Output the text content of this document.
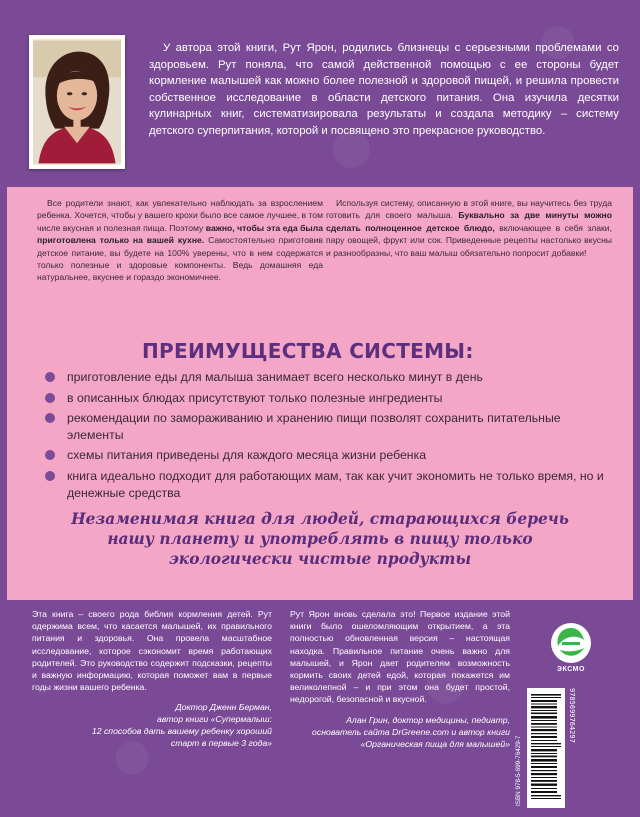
У автора этой книги, Рут Ярон, родились близнецы с серьезными проблемами со здоровьем. Рут поняла, что самой действенной помощью с ее стороны будет кормление малышей как можно более полезной и здоровой пищей, и решила провести собственное исследование в области детского питания. Она изучила десятки кулинарных книг, систематизировала результаты и создала методику – систему детского суперпитания, которой и посвящено это прекрасное руководство.
Все родители знают, как увлекательно наблюдать за взрослением ребенка. Хочется, чтобы у вашего крохи было все самое лучшее, в том числе вкусная и полезная пища. Поэтому важно, чтобы эта еда была приготовлена только на вашей кухне. Самостоятельно приготовив детское питание, вы будете на 100% уверены, что в нем содержатся только полезные и здоровые компоненты. Ведь домашняя еда натуральнее, вкуснее и гораздо экономичнее.
Используя систему, описанную в этой книге, вы научитесь без труда готовить для своего малыша. Буквально за две минуты можно сделать полноценное детское блюдо, включающее в себя злаки, пару овощей, фрукт или сок. Приведенные рецепты настолько вкусны и разнообразны, что ваш малыш обязательно попросит добавки!
ПРЕИМУЩЕСТВА СИСТЕМЫ:
приготовление еды для малыша занимает всего несколько минут в день
в описанных блюдах присутствуют только полезные ингредиенты
рекомендации по замораживанию и хранению пищи позволят сохранить питательные элементы
схемы питания приведены для каждого месяца жизни ребенка
книга идеально подходит для работающих мам, так как учит экономить не только время, но и денежные средства
Незаменимая книга для людей, старающихся беречь нашу планету и употреблять в пищу только экологически чистые продукты
Эта книга – своего рода библия кормления детей. Рут одержима всем, что касается малышей, их правильного питания и здоровья. Она провела масштабное исследование, которое сэкономит время работающих родителей. Это руководство содержит подсказки, рецепты и важную информацию, которая поможет вам в первые годы жизни вашего ребенка.
Доктор Дженн Берман,
автор книги «Супермалыш:
12 способов дать вашему ребенку хороший
старт в первые 3 года»
Рут Ярон вновь сделала это! Первое издание этой книги было ошеломляющим открытием, а эта полностью обновленная версия – настоящая находка. Правильное питание очень важно для малышей, и Ярон дает родителям возможность кормить своих детей едой, которая покажется им великолепной – и при этом она будет простой, недорогой, безопасной и вкусной.
Алан Грин, доктор медицины, педиатр,
основатель сайта DrGreene.com и автор книги
«Органическая пища для малышей»
ЭКСМО
ISBN 978-5-699-76429-7
9785699764297
